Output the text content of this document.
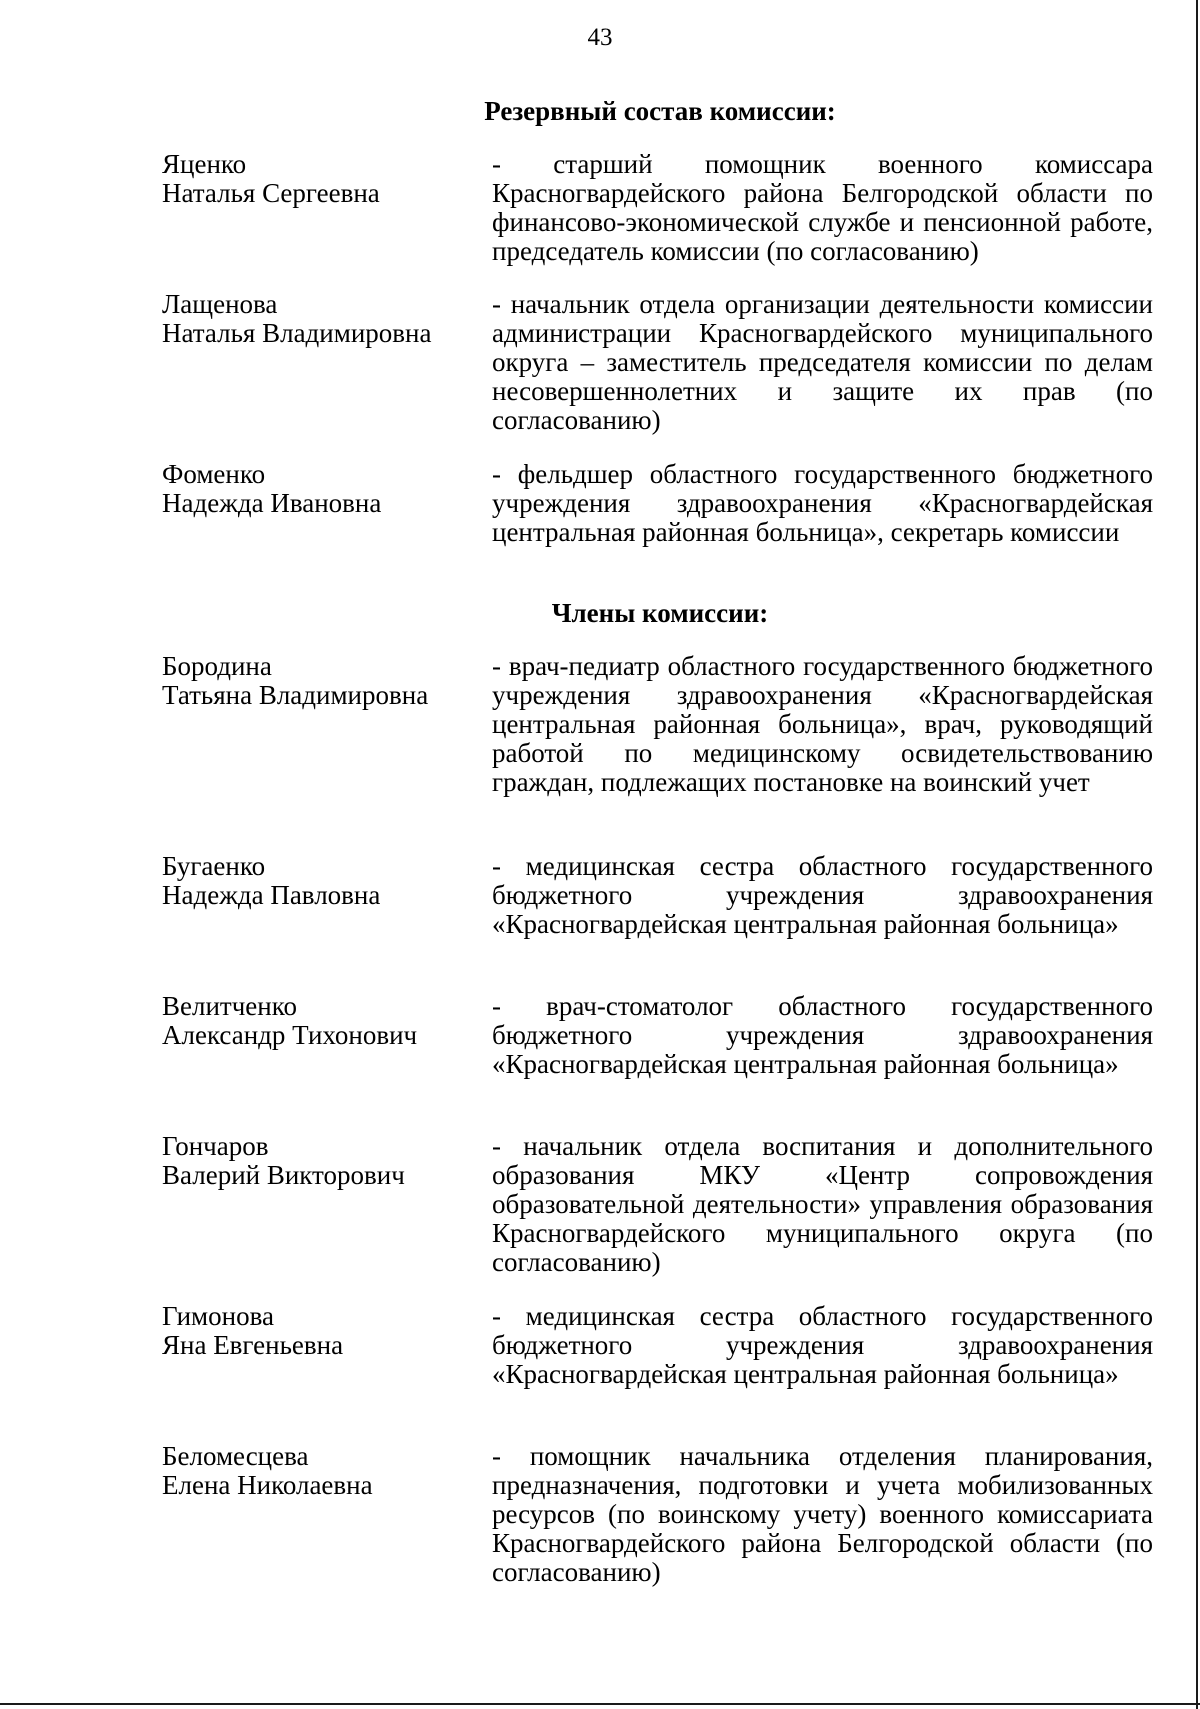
43
Резервный состав комиссии:
Яценко
Наталья Сергеевна
- старший помощник военного комиссара Красногвардейского района Белгородской области по финансово-экономической службе и пенсионной работе, председатель комиссии (по согласованию)
Лащенова
Наталья Владимировна
- начальник отдела организации деятельности комиссии администрации Красногвардейского муниципального округа – заместитель председателя комиссии по делам несовершеннолетних и защите их прав (по согласованию)
Фоменко
Надежда Ивановна
- фельдшер областного государственного бюджетного учреждения здравоохранения «Красногвардейская центральная районная больница», секретарь комиссии
Члены комиссии:
Бородина
Татьяна Владимировна
- врач-педиатр областного государственного бюджетного учреждения здравоохранения «Красногвардейская центральная районная больница», врач, руководящий работой по медицинскому освидетельствованию граждан, подлежащих постановке на воинский учет
Бугаенко
Надежда Павловна
- медицинская сестра областного государственного бюджетного учреждения здравоохранения «Красногвардейская центральная районная больница»
Велитченко
Александр Тихонович
- врач-стоматолог областного государственного бюджетного учреждения здравоохранения «Красногвардейская центральная районная больница»
Гончаров
Валерий Викторович
- начальник отдела воспитания и дополнительного образования МКУ «Центр сопровождения образовательной деятельности» управления образования Красногвардейского муниципального округа (по согласованию)
Гимонова
Яна Евгеньевна
- медицинская сестра областного государственного бюджетного учреждения здравоохранения «Красногвардейская центральная районная больница»
Беломесцева
Елена Николаевна
- помощник начальника отделения планирования, предназначения, подготовки и учета мобилизованных ресурсов (по воинскому учету) военного комиссариата Красногвардейского района Белгородской области (по согласованию)
